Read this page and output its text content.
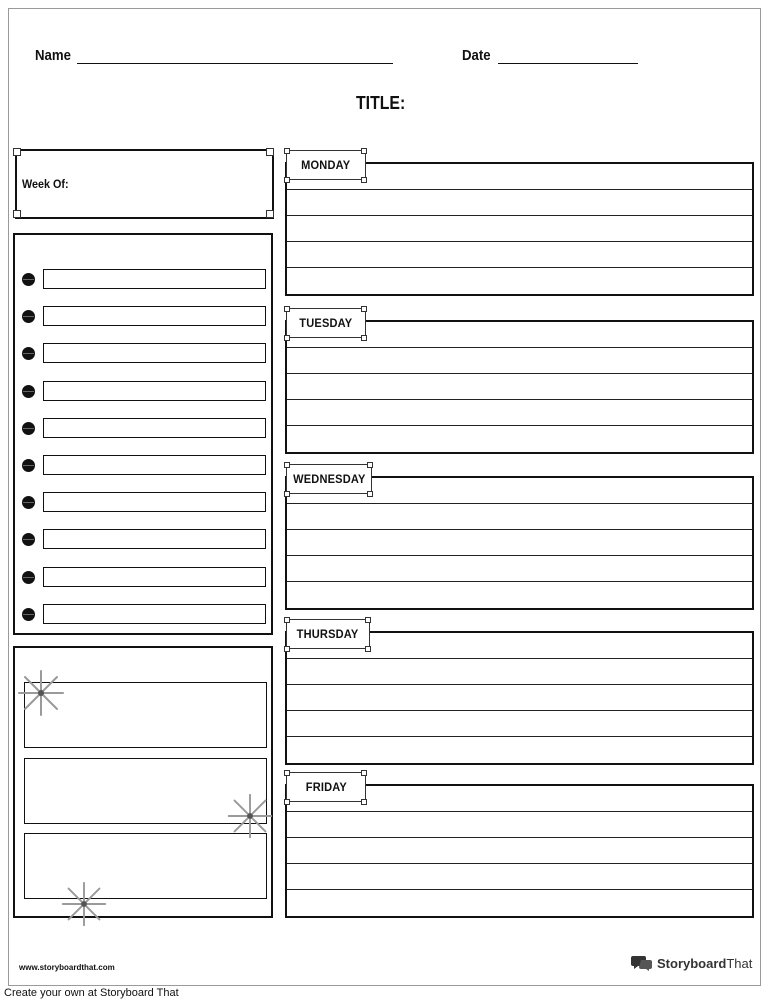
Name	Date
TITLE:
Week Of:
MONDAY
TUESDAY
WEDNESDAY
THURSDAY
FRIDAY
www.storyboardthat.com	StoryboardThat
Create your own at Storyboard That
